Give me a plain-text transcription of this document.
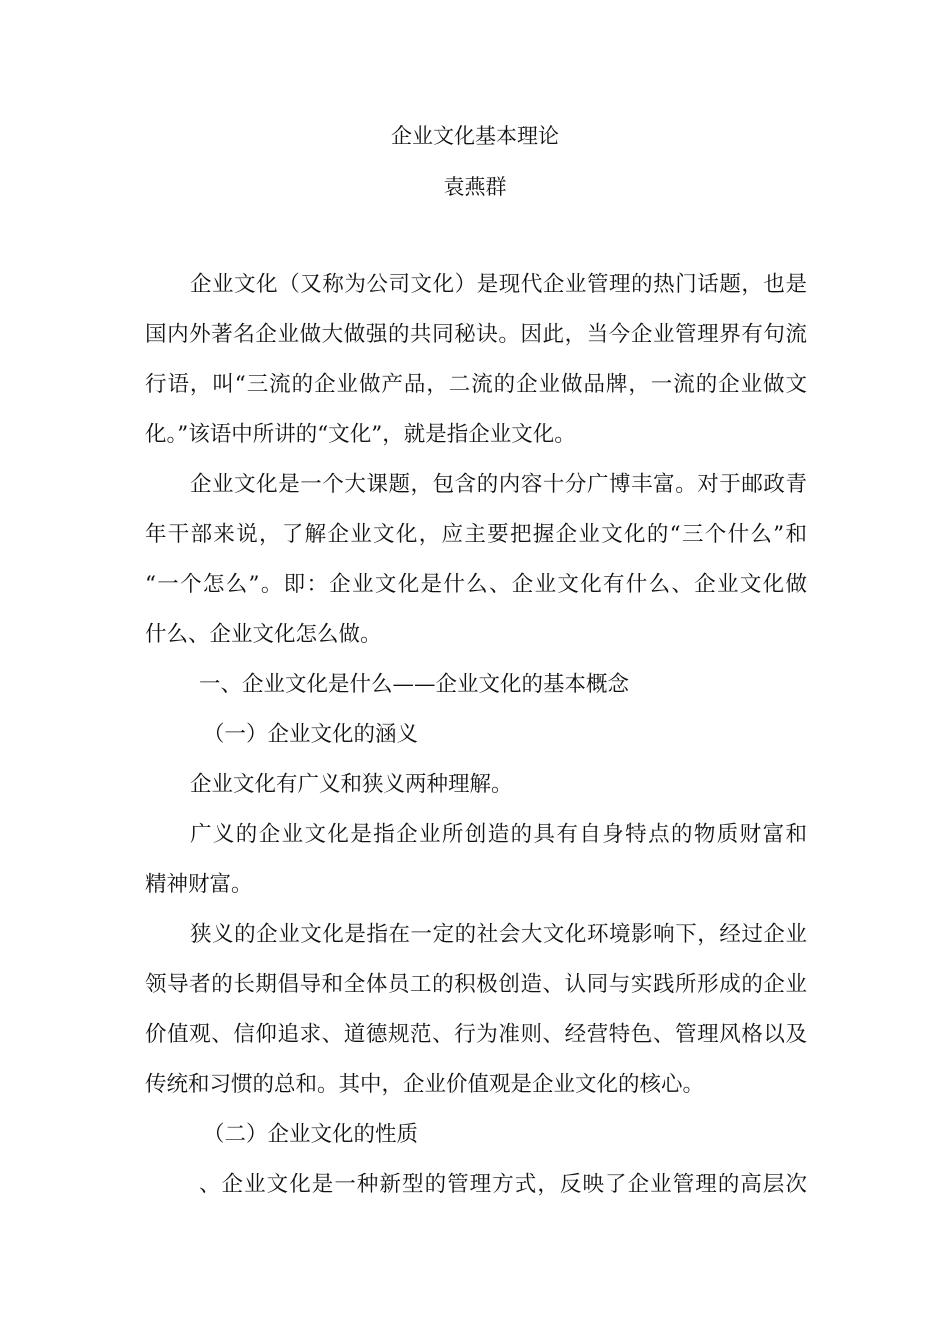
企业文化基本理论
袁燕群
企业文化（又称为公司文化）是现代企业管理的热门话题，也是
国内外著名企业做大做强的共同秘诀。因此，当今企业管理界有句流
行语，叫“三流的企业做产品，二流的企业做品牌，一流的企业做文
化。”该语中所讲的“文化”，就是指企业文化。
企业文化是一个大课题，包含的内容十分广博丰富。对于邮政青
年干部来说，了解企业文化，应主要把握企业文化的“三个什么”和
“一个怎么”。即：企业文化是什么、企业文化有什么、企业文化做
什么、企业文化怎么做。
一、企业文化是什么——企业文化的基本概念
（一）企业文化的涵义
企业文化有广义和狭义两种理解。
广义的企业文化是指企业所创造的具有自身特点的物质财富和
精神财富。
狭义的企业文化是指在一定的社会大文化环境影响下，经过企业
领导者的长期倡导和全体员工的积极创造、认同与实践所形成的企业
价值观、信仰追求、道德规范、行为准则、经营特色、管理风格以及
传统和习惯的总和。其中，企业价值观是企业文化的核心。
（二）企业文化的性质
、企业文化是一种新型的管理方式，反映了企业管理的高层次
